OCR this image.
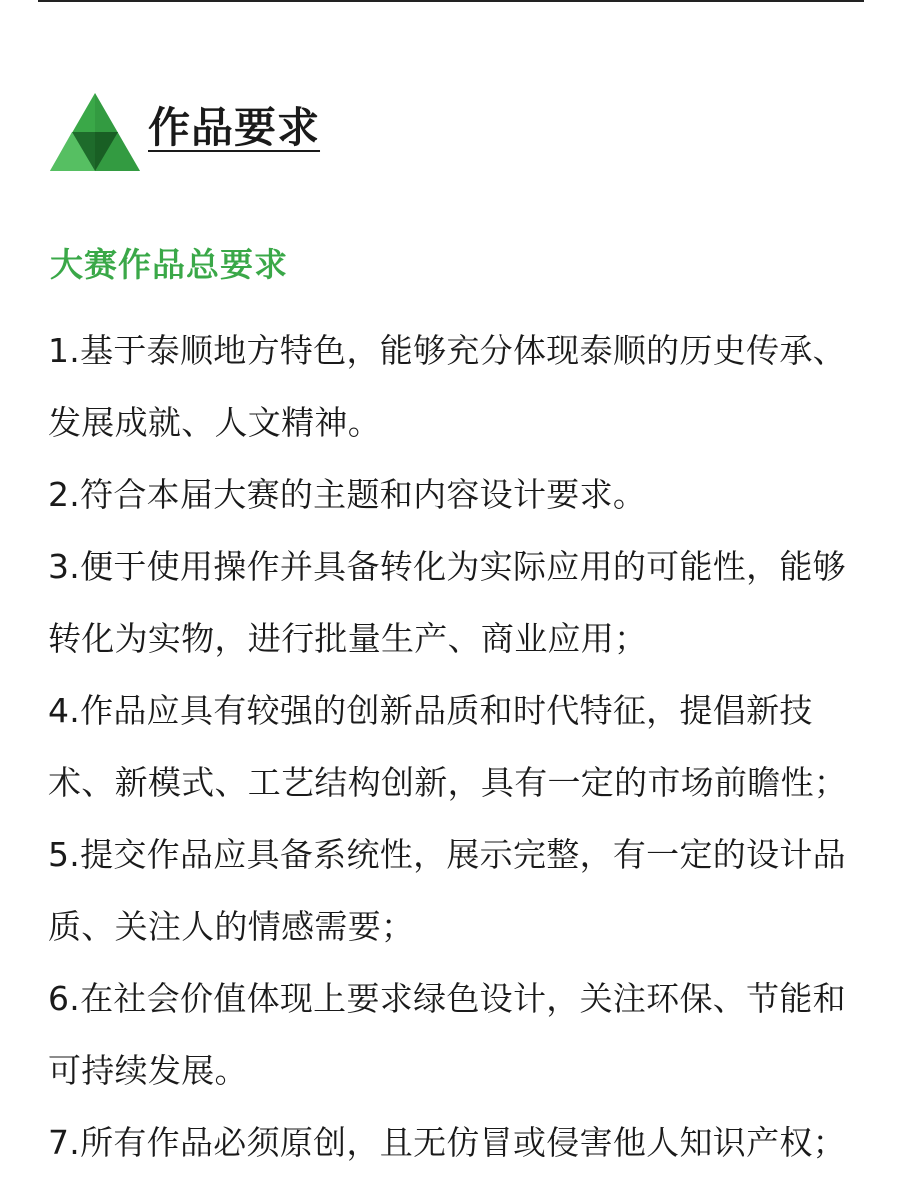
作品要求
大赛作品总要求

1.基于泰顺地方特色，能够充分体现泰顺的历史传承、发展成就、人文精神。

2.符合本届大赛的主题和内容设计要求。

3.便于使用操作并具备转化为实际应用的可能性，能够转化为实物，进行批量生产、商业应用；

4.作品应具有较强的创新品质和时代特征，提倡新技术、新模式、工艺结构创新，具有一定的市场前瞻性；

5.提交作品应具备系统性，展示完整，有一定的设计品质、关注人的情感需要；

6.在社会价值体现上要求绿色设计，关注环保、节能和可持续发展。

7.所有作品必须原创，且无仿冒或侵害他人知识产权；
